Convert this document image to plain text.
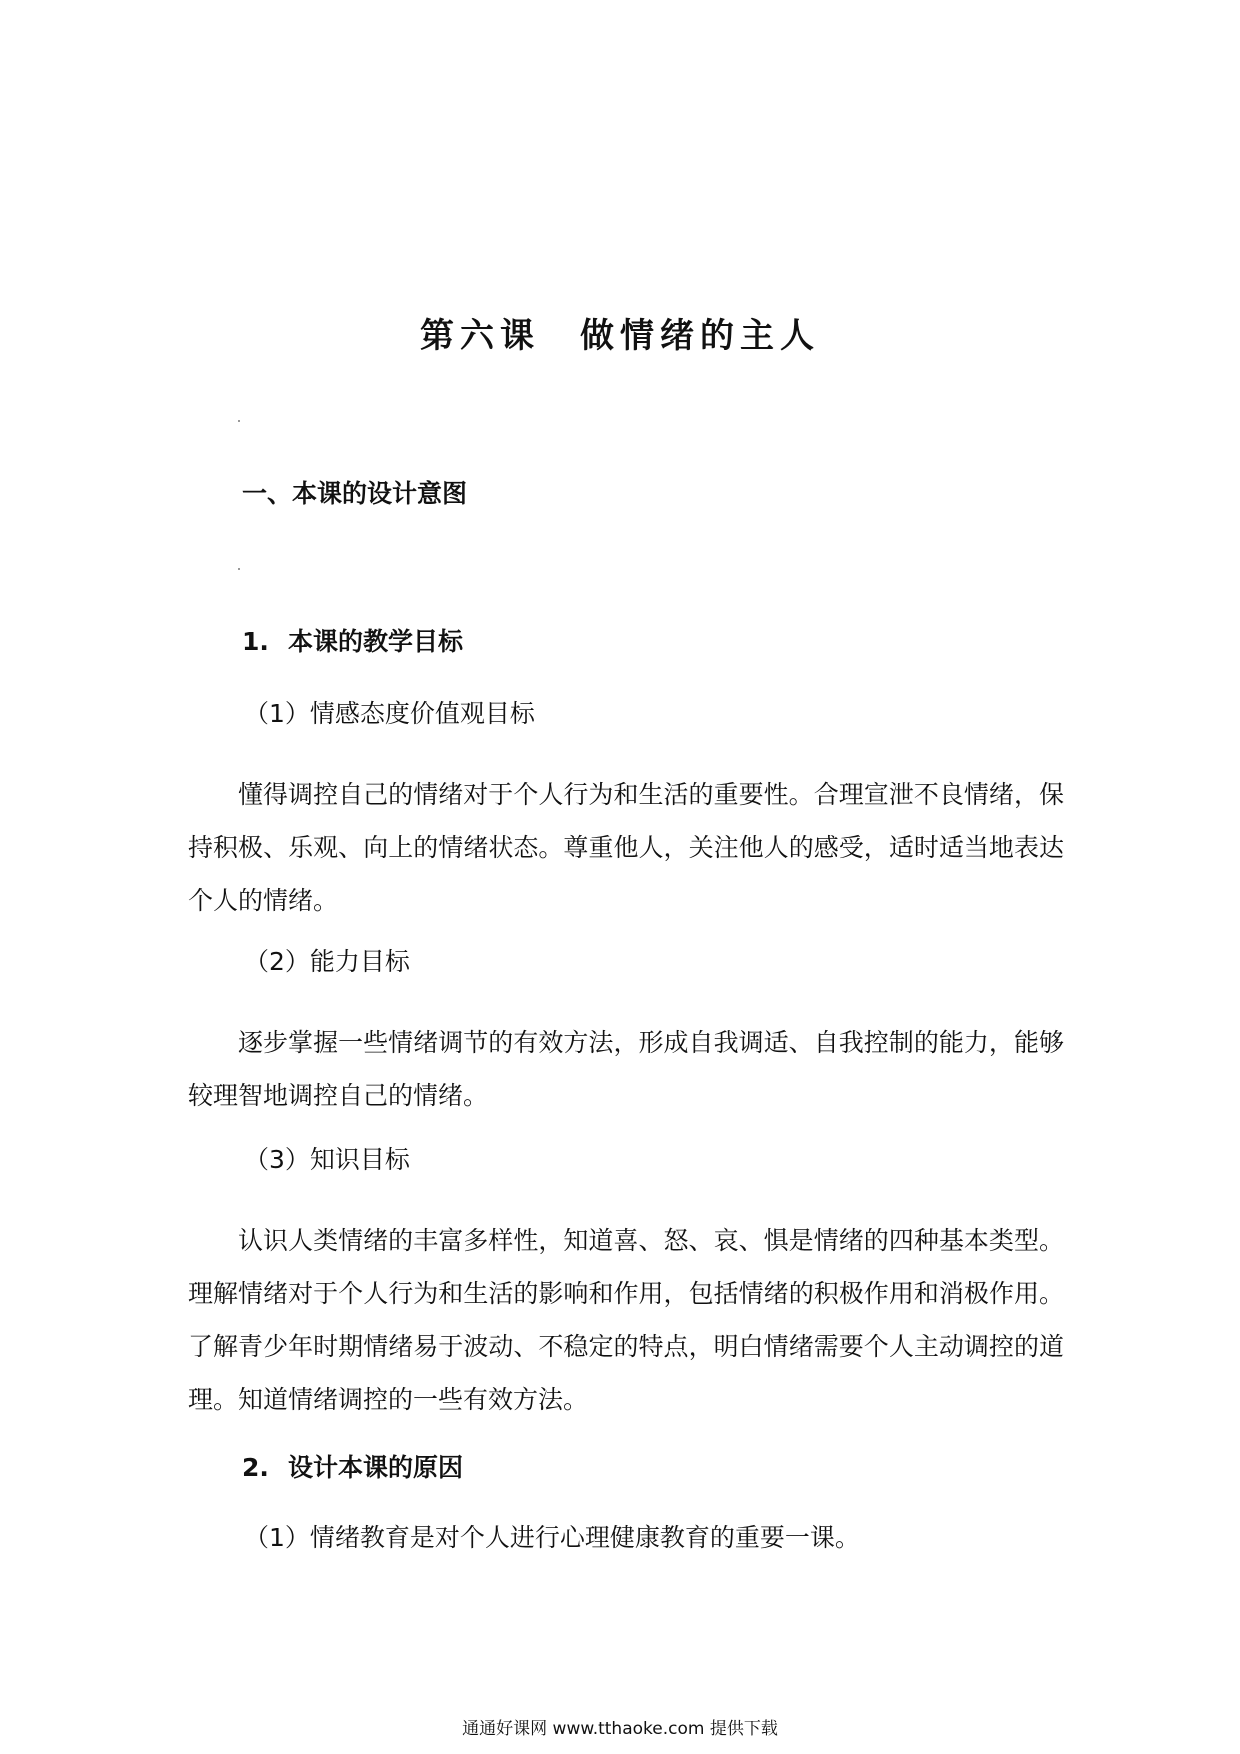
第六课　做情绪的主人
一、本课的设计意图
1. 本课的教学目标
（1）情感态度价值观目标
懂得调控自己的情绪对于个人行为和生活的重要性。合理宣泄不良情绪，保持积极、乐观、向上的情绪状态。尊重他人，关注他人的感受，适时适当地表达个人的情绪。
（2）能力目标
逐步掌握一些情绪调节的有效方法，形成自我调适、自我控制的能力，能够较理智地调控自己的情绪。
（3）知识目标
认识人类情绪的丰富多样性，知道喜、怒、哀、惧是情绪的四种基本类型。理解情绪对于个人行为和生活的影响和作用，包括情绪的积极作用和消极作用。了解青少年时期情绪易于波动、不稳定的特点，明白情绪需要个人主动调控的道理。知道情绪调控的一些有效方法。
2. 设计本课的原因
（1）情绪教育是对个人进行心理健康教育的重要一课。
通通好课网 www.tthaoke.com 提供下载
